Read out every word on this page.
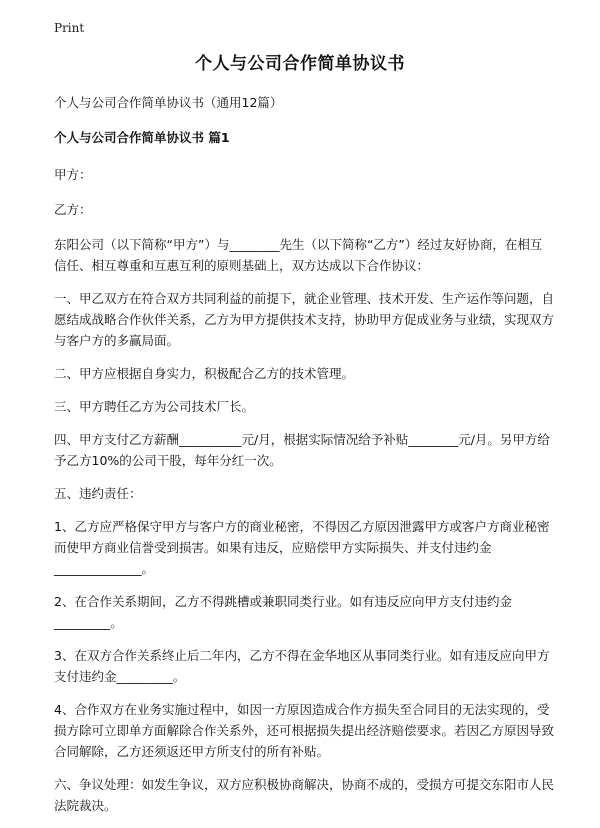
Print
个人与公司合作简单协议书

个人与公司合作简单协议书（通用12篇）

个人与公司合作简单协议书 篇1

甲方：

乙方：

东阳公司（以下简称“甲方”）与________先生（以下简称“乙方”）经过友好协商，在相互信任、相互尊重和互惠互利的原则基础上，双方达成以下合作协议：

一、甲乙双方在符合双方共同利益的前提下，就企业管理、技术开发、生产运作等问题，自愿结成战略合作伙伴关系，乙方为甲方提供技术支持，协助甲方促成业务与业绩，实现双方与客户方的多赢局面。

二、甲方应根据自身实力，积极配合乙方的技术管理。

三、甲方聘任乙方为公司技术厂长。

四、甲方支付乙方薪酬__________元/月，根据实际情况给予补贴________元/月。另甲方给予乙方10%的公司干股，每年分红一次。

五、违约责任：

1、乙方应严格保守甲方与客户方的商业秘密，不得因乙方原因泄露甲方或客户方商业秘密而使甲方商业信誉受到损害。如果有违反，应赔偿甲方实际损失、并支付违约金______________。

2、在合作关系期间，乙方不得跳槽或兼职同类行业。如有违反应向甲方支付违约金_________。

3、在双方合作关系终止后二年内，乙方不得在金华地区从事同类行业。如有违反应向甲方支付违约金_________。

4、合作双方在业务实施过程中，如因一方原因造成合作方损失至合同目的无法实现的，受损方除可立即单方面解除合作关系外，还可根据损失提出经济赔偿要求。若因乙方原因导致合同解除，乙方还须返还甲方所支付的所有补贴。

六、争议处理：如发生争议，双方应积极协商解决，协商不成的，受损方可提交东阳市人民法院裁决。
